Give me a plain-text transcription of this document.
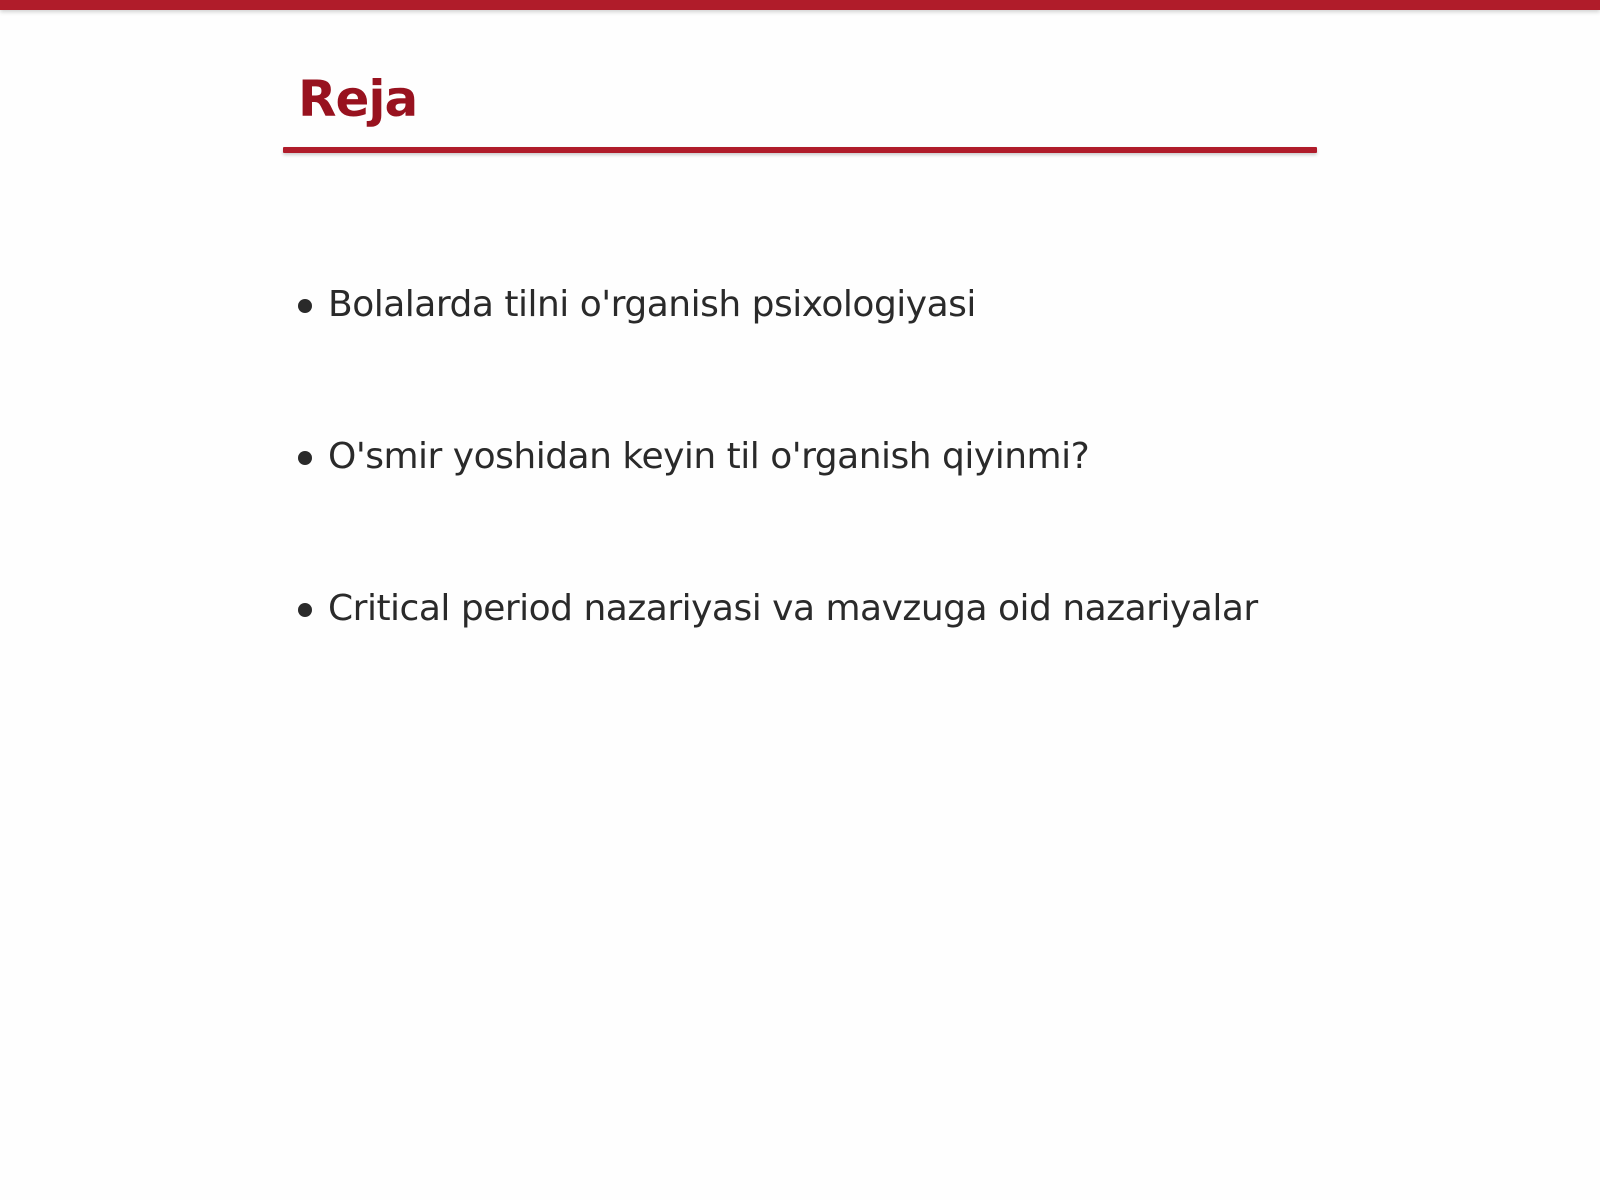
Reja
Bolalarda tilni o'rganish psixologiyasi
O'smir yoshidan keyin til o'rganish qiyinmi?
Critical period nazariyasi va mavzuga oid nazariyalar
